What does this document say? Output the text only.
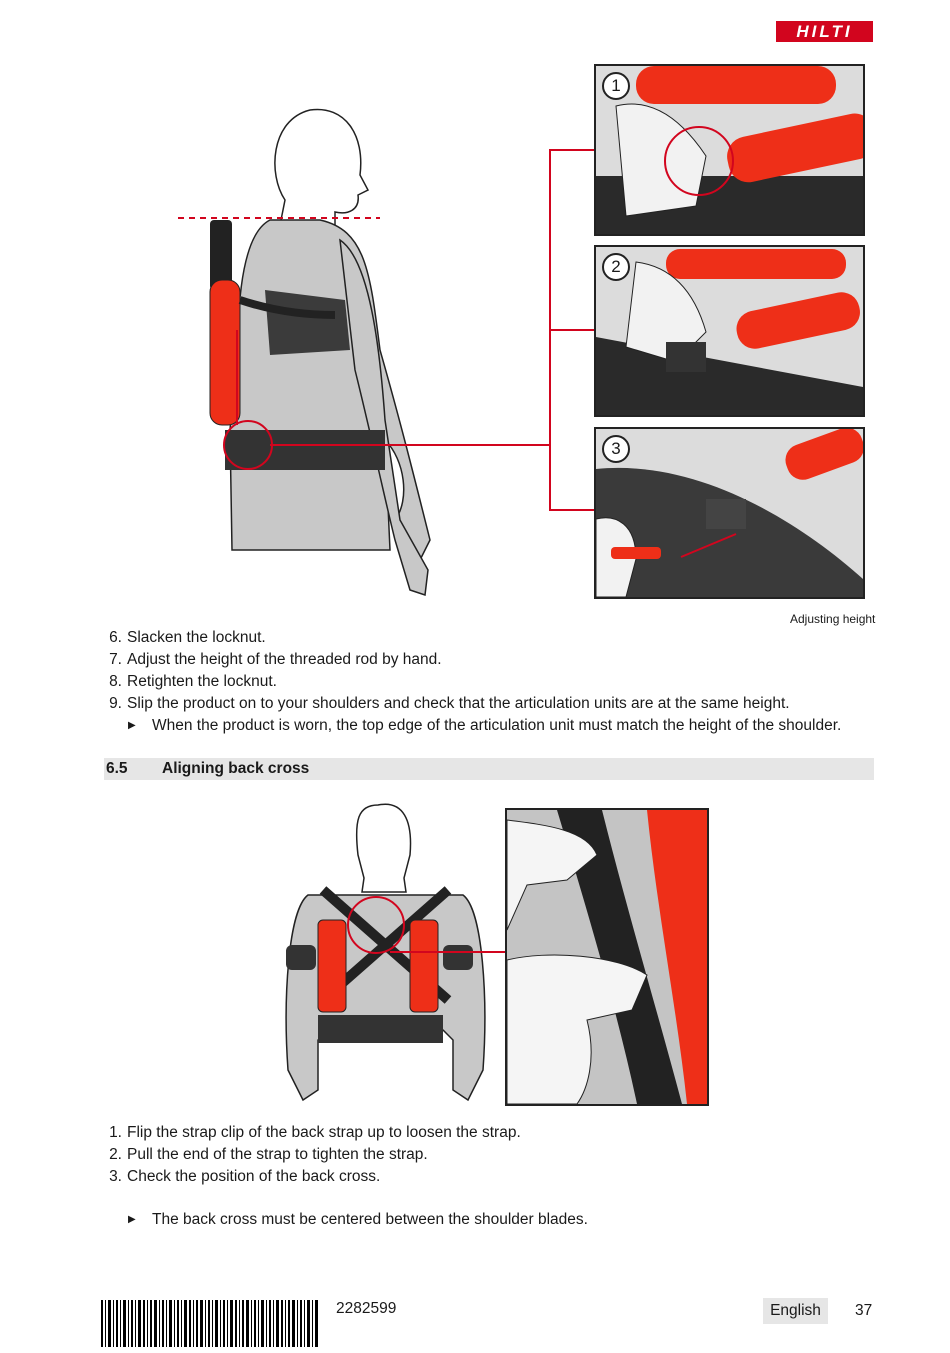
HILTI
1
2
3
Adjusting height
6. Slacken the locknut.
7. Adjust the height of the threaded rod by hand.
8. Retighten the locknut.
9. Slip the product on to your shoulders and check that the articulation units are at the same height.
▶ When the product is worn, the top edge of the articulation unit must match the height of the shoulder.
6.5 Aligning back cross
1. Flip the strap clip of the back strap up to loosen the strap.
2. Pull the end of the strap to tighten the strap.
3. Check the position of the back cross.
▶ The back cross must be centered between the shoulder blades.
2282599	English	37
